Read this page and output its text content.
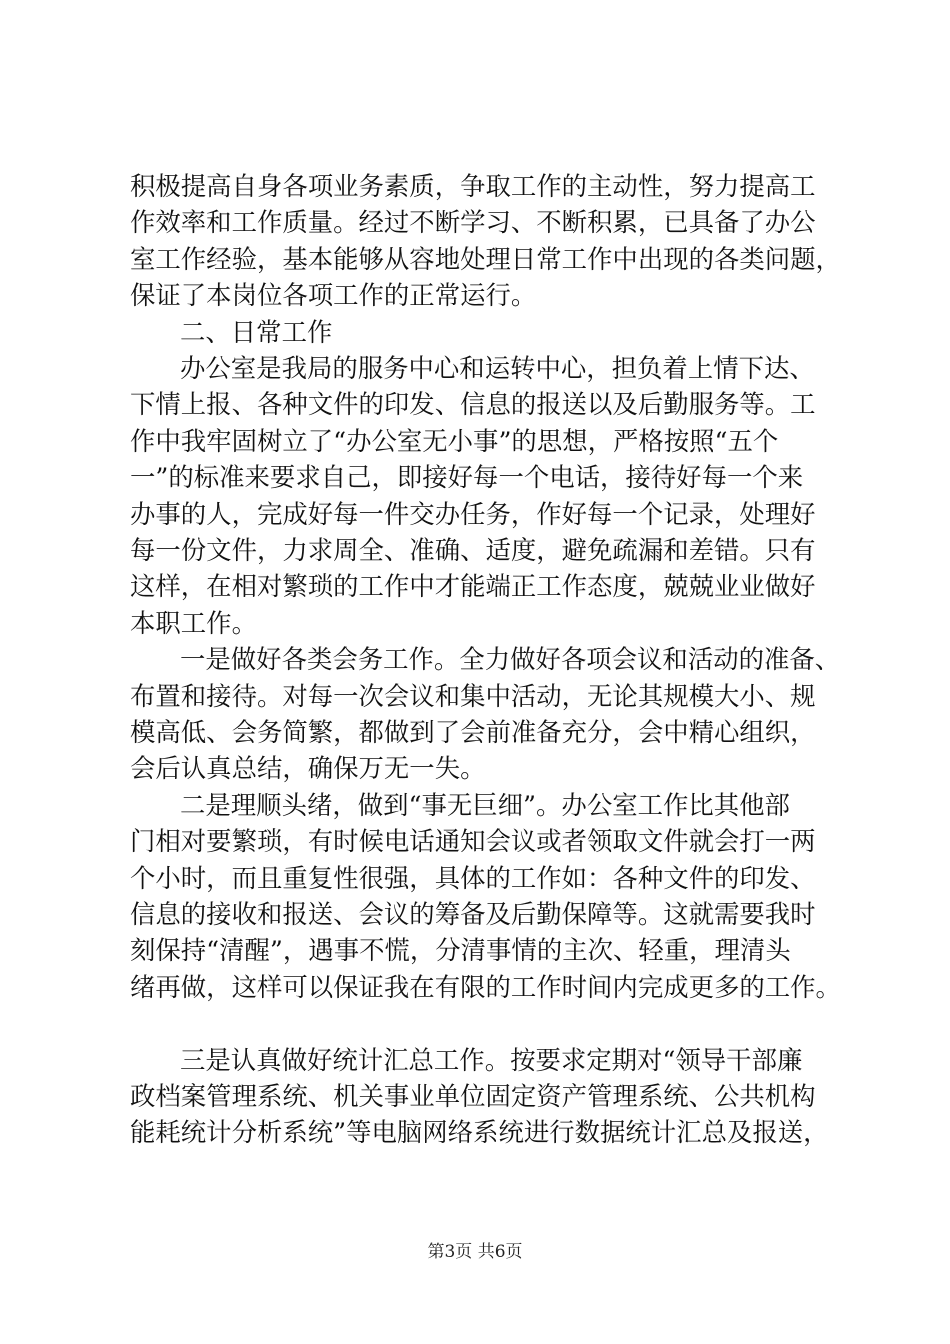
积极提高自身各项业务素质，争取工作的主动性，努力提高工
作效率和工作质量。经过不断学习、不断积累，已具备了办公
室工作经验，基本能够从容地处理日常工作中出现的各类问题，
保证了本岗位各项工作的正常运行。
二、日常工作
办公室是我局的服务中心和运转中心，担负着上情下达、
下情上报、各种文件的印发、信息的报送以及后勤服务等。工
作中我牢固树立了“办公室无小事”的思想，严格按照“五个
一”的标准来要求自己，即接好每一个电话，接待好每一个来
办事的人，完成好每一件交办任务，作好每一个记录，处理好
每一份文件，力求周全、准确、适度，避免疏漏和差错。只有
这样，在相对繁琐的工作中才能端正工作态度，兢兢业业做好
本职工作。
一是做好各类会务工作。全力做好各项会议和活动的准备、
布置和接待。对每一次会议和集中活动，无论其规模大小、规
模高低、会务简繁，都做到了会前准备充分，会中精心组织，
会后认真总结，确保万无一失。
二是理顺头绪，做到“事无巨细”。办公室工作比其他部
门相对要繁琐，有时候电话通知会议或者领取文件就会打一两
个小时，而且重复性很强，具体的工作如：各种文件的印发、
信息的接收和报送、会议的筹备及后勤保障等。这就需要我时
刻保持“清醒”，遇事不慌，分清事情的主次、轻重，理清头
绪再做，这样可以保证我在有限的工作时间内完成更多的工作。
三是认真做好统计汇总工作。按要求定期对“领导干部廉
政档案管理系统、机关事业单位固定资产管理系统、公共机构
能耗统计分析系统”等电脑网络系统进行数据统计汇总及报送，
第3页 共6页
